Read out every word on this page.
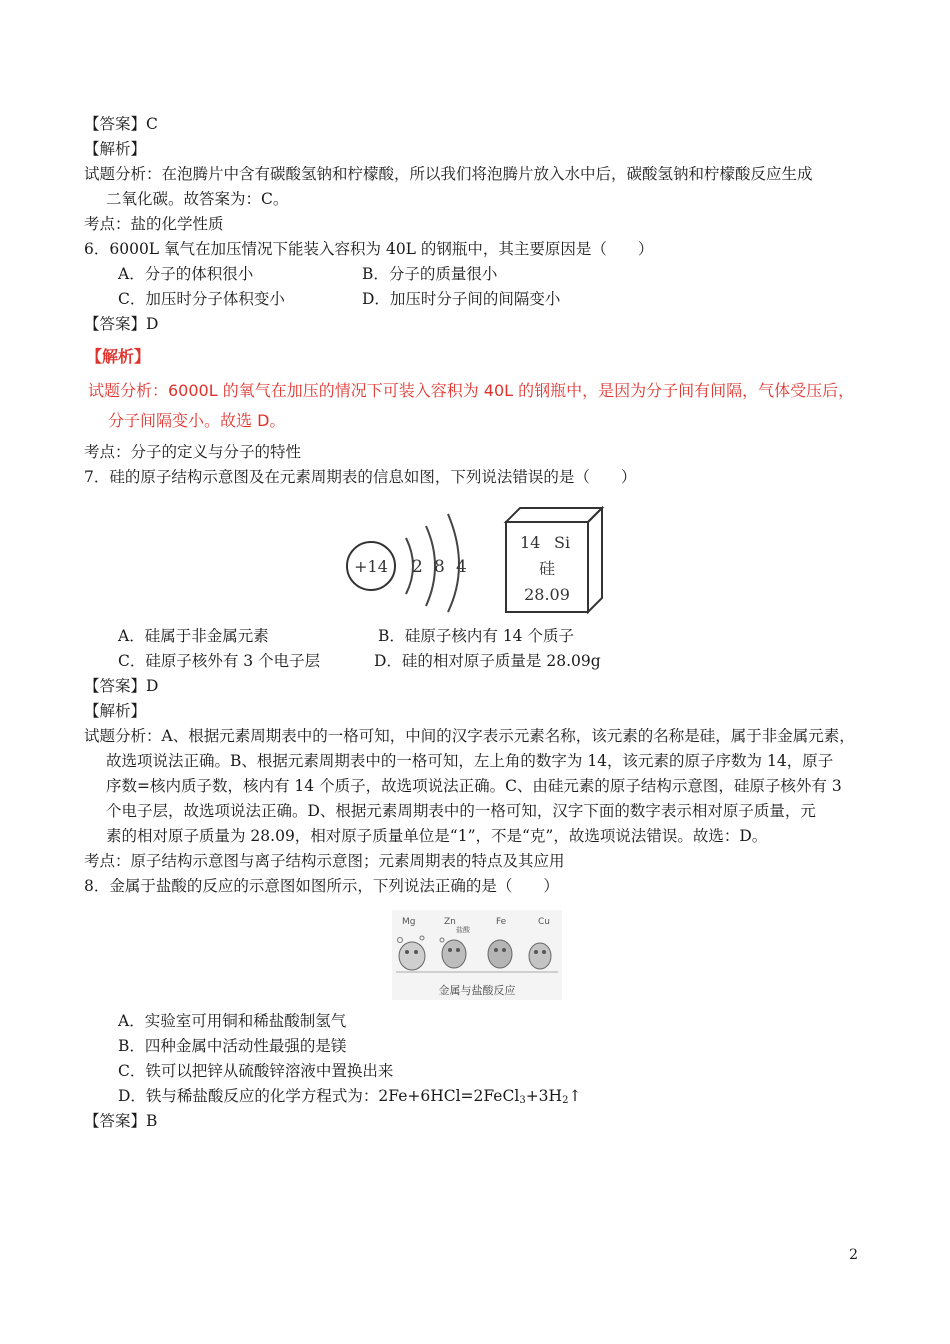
【答案】C
【解析】
试题分析：在泡腾片中含有碳酸氢钠和柠檬酸，所以我们将泡腾片放入水中后，碳酸氢钠和柠檬酸反应生成
二氧化碳。故答案为：C。
考点：盐的化学性质
6．6000L 氧气在加压情况下能装入容积为 40L 的钢瓶中，其主要原因是（　　）
A．分子的体积很小	B．分子的质量很小
C．加压时分子体积变小	D．加压时分子间的间隔变小
【答案】D
【解析】
试题分析：6000L 的氧气在加压的情况下可装入容积为 40L 的钢瓶中，是因为分子间有间隔，气体受压后，
分子间隔变小。故选 D。
考点：分子的定义与分子的特性
7．硅的原子结构示意图及在元素周期表的信息如图，下列说法错误的是（　　）
+14 2 8 4
14 Si
硅
28.09
A．硅属于非金属元素	B．硅原子核内有 14 个质子
C．硅原子核外有 3 个电子层	D．硅的相对原子质量是 28.09g
【答案】D
【解析】
试题分析：A、根据元素周期表中的一格可知，中间的汉字表示元素名称，该元素的名称是硅，属于非金属元素，
故选项说法正确。B、根据元素周期表中的一格可知，左上角的数字为 14，该元素的原子序数为 14，原子
序数=核内质子数，核内有 14 个质子，故选项说法正确。C、由硅元素的原子结构示意图，硅原子核外有 3
个电子层，故选项说法正确。D、根据元素周期表中的一格可知，汉字下面的数字表示相对原子质量，元
素的相对原子质量为 28.09，相对原子质量单位是“1”，不是“克”，故选项说法错误。故选：D。
考点：原子结构示意图与离子结构示意图；元素周期表的特点及其应用
8．金属于盐酸的反应的示意图如图所示，下列说法正确的是（　　）
Mg	Zn
盐酸
Fe	Cu
金属与盐酸反应
A．实验室可用铜和稀盐酸制氢气
B．四种金属中活动性最强的是镁
C．铁可以把锌从硫酸锌溶液中置换出来
D．铁与稀盐酸反应的化学方程式为：$2Fe+6HCl=2FeCl_3+3H_2↑$
【答案】B
2
